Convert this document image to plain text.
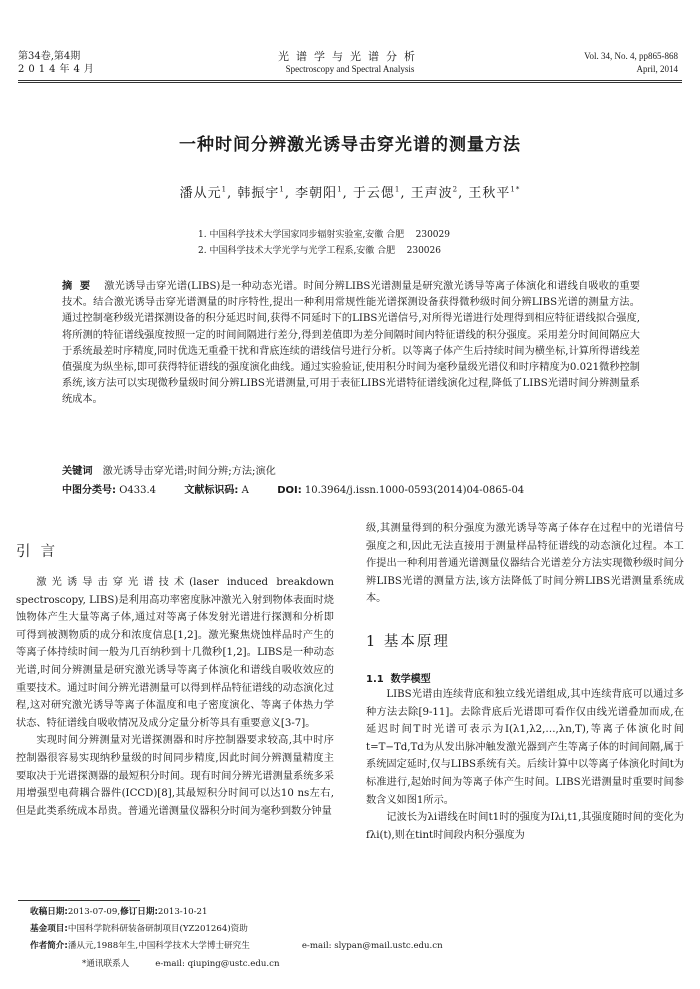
第34卷,第4期
2014年4月
光谱学与光谱分析
Spectroscopy and Spectral Analysis
Vol. 34, No. 4, pp865-868
April, 2014
一种时间分辨激光诱导击穿光谱的测量方法
潘从元$^1$, 韩振宇$^1$, 李朝阳$^1$, 于云偲$^1$, 王声波$^2$, 王秋平$^{1*}$
1. 中国科学技术大学国家同步辐射实验室,安徽 合肥    230029
2. 中国科学技术大学光学与光学工程系,安徽 合肥    230026
摘  要 激光诱导击穿光谱(LIBS)是一种动态光谱。时间分辨LIBS光谱测量是研究激光诱导等离子体演化和谱线自吸收的重要技术。结合激光诱导击穿光谱测量的时序特性,提出一种利用常规性能光谱探测设备获得微秒级时间分辨LIBS光谱的测量方法。通过控制毫秒级光谱探测设备的积分延迟时间,获得不同延时下的LIBS光谱信号,对所得光谱进行处理得到相应特征谱线拟合强度,将所测的特征谱线强度按照一定的时间间隔进行差分,得到差值即为差分间隔时间内特征谱线的积分强度。采用差分时间间隔应大于系统最差时序精度,同时优选无重叠干扰和背底连续的谱线信号进行分析。以等离子体产生后持续时间为横坐标,计算所得谱线差值强度为纵坐标,即可获得特征谱线的强度演化曲线。通过实验验证,使用积分时间为毫秒量级光谱仪和时序精度为0.021微秒控制系统,该方法可以实现微秒量级时间分辨LIBS光谱测量,可用于表征LIBS光谱特征谱线演化过程,降低了LIBS光谱时间分辨测量系统成本。
关键词 激光诱导击穿光谱;时间分辨;方法;演化
中图分类号: O433.4	文献标识码: A	DOI: 10.3964/j.issn.1000-0593(2014)04-0865-04
引言

激光诱导击穿光谱技术(laser induced breakdown spectroscopy, LIBS)是利用高功率密度脉冲激光入射到物体表面时烧蚀物体产生大量等离子体,通过对等离子体发射光谱进行探测和分析即可得到被测物质的成分和浓度信息[1,2]。激光聚焦烧蚀样品时产生的等离子体持续时间一般为几百纳秒到十几微秒[1,2]。LIBS是一种动态光谱,时间分辨测量是研究激光诱导等离子体演化和谱线自吸收效应的重要技术。通过时间分辨光谱测量可以得到样品特征谱线的动态演化过程,这对研究激光诱导等离子体温度和电子密度演化、等离子体热力学状态、特征谱线自吸收情况及成分定量分析等具有重要意义[3-7]。

实现时间分辨测量对光谱探测器和时序控制器要求较高,其中时序控制器很容易实现纳秒量级的时间同步精度,因此时间分辨测量精度主要取决于光谱探测器的最短积分时间。现有时间分辨光谱测量系统多采用增强型电荷耦合器件(ICCD)[8],其最短积分时间可以达10 ns左右,但是此类系统成本昂贵。普通光谱测量仪器积分时间为毫秒到数分钟量

级,其测量得到的积分强度为激光诱导等离子体存在过程中的光谱信号强度之和,因此无法直接用于测量样品特征谱线的动态演化过程。本工作提出一种利用普通光谱测量仪器结合光谱差分方法实现微秒级时间分辨LIBS光谱的测量方法,该方法降低了时间分辨LIBS光谱测量系统成本。

1 基本原理
1.1  数学模型

LIBS光谱由连续背底和独立线光谱组成,其中连续背底可以通过多种方法去除[9-11]。去除背底后光谱即可看作仅由线光谱叠加而成,在延迟时间T时光谱可表示为I(λ1,λ2,…,λn,T),等离子体演化时间t=T−Td,Td为从发出脉冲触发激光器到产生等离子体的时间间隔,属于系统固定延时,仅与LIBS系统有关。后续计算中以等离子体演化时间t为标准进行,起始时间为等离子体产生时间。LIBS光谱测量时重要时间参数含义如图1所示。

记波长为λi谱线在时间t1时的强度为Iλi,t1,其强度随时间的变化为fλi(t),则在tint时间段内积分强度为

收稿日期:2013-07-09,修订日期:2013-10-21
基金项目:中国科学院科研装备研制项目(YZ201264)资助
作者简介:潘从元,1988年生,中国科学技术大学博士研究生	e-mail: slypan@mail.ustc.edu.cn
*通讯联系人	e-mail: qiuping@ustc.edu.cn
